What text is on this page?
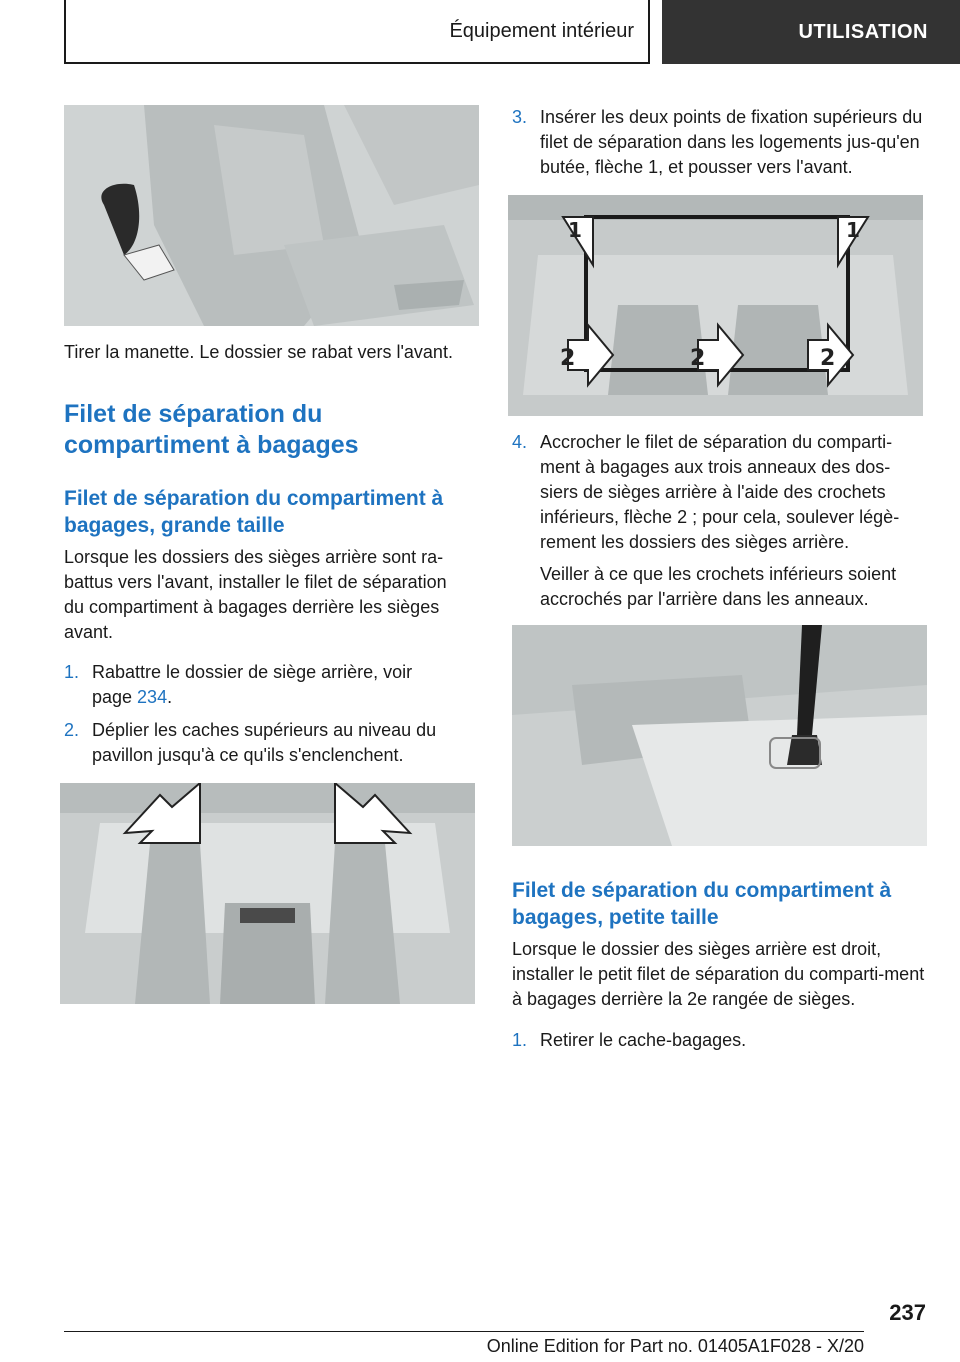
Équipement intérieur	UTILISATION

Tirer la manette. Le dossier se rabat vers l'avant.

Filet de séparation du compartiment à bagages
Filet de séparation du compartiment à bagages, grande taille

Lorsque les dossiers des sièges arrière sont ra-battus vers l'avant, installer le filet de séparation du compartiment à bagages derrière les sièges avant.

1. Rabattre le dossier de siège arrière, voir page 234.
2. Déplier les caches supérieurs au niveau du pavillon jusqu'à ce qu'ils s'enclenchent.
3. Insérer les deux points de fixation supérieurs du filet de séparation dans les logements jus-qu'en butée, flèche 1, et pousser vers l'avant.
1	1
2	2	2
4. Accrocher le filet de séparation du comparti-ment à bagages aux trois anneaux des dos-siers de sièges arrière à l'aide des crochets inférieurs, flèche 2 ; pour cela, soulever légè-rement les dossiers des sièges arrière.

Veiller à ce que les crochets inférieurs soient accrochés par l'arrière dans les anneaux.

Filet de séparation du compartiment à bagages, petite taille

Lorsque le dossier des sièges arrière est droit, installer le petit filet de séparation du comparti-ment à bagages derrière la 2e rangée de sièges.

1. Retirer le cache-bagages.
237
Online Edition for Part no. 01405A1F028 - X/20
